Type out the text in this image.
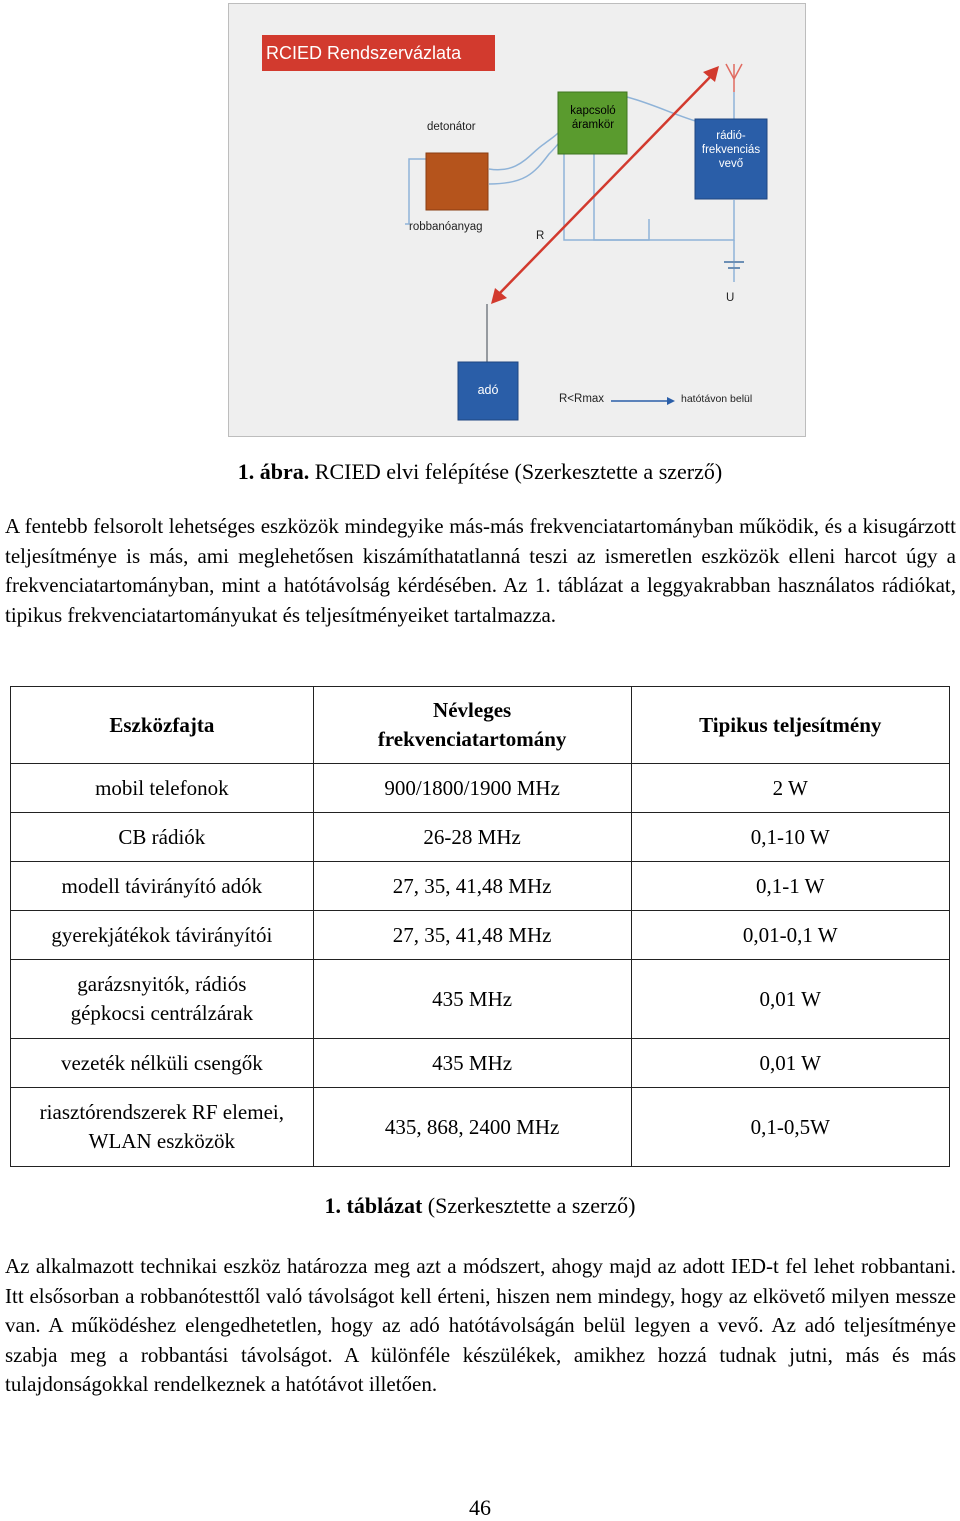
RCIED Rendszervázlata
detonátor
robbanóanyag
kapcsoló
áramkör
rádió-
frekvenciás
vevő
R
U
adó
R<Rmax	hatótávon belül
1. ábra. RCIED elvi felépítése (Szerkesztette a szerző)
A fentebb felsorolt lehetséges eszközök mindegyike más-más frekvenciatartományban működik, és a kisugárzott teljesítménye is más, ami meglehetősen kiszámíthatatlanná teszi az ismeretlen eszközök elleni harcot úgy a frekvenciatartományban, mint a hatótávolság kérdésében. Az 1. táblázat a leggyakrabban használatos rádiókat, tipikus frekvenciatartományukat és teljesítményeiket tartalmazza.
Eszközfajta	Névleges frekvenciatartomány	Tipikus teljesítmény
mobil telefonok	900/1800/1900 MHz	2 W
CB rádiók	26-28 MHz	0,1-10 W
modell távirányító adók	27, 35, 41,48 MHz	0,1-1 W
gyerekjátékok távirányítói	27, 35, 41,48 MHz	0,01-0,1 W
garázsnyitók, rádiós gépkocsi centrálzárak	435 MHz	0,01 W
vezeték nélküli csengők	435 MHz	0,01 W
riasztórendszerek RF elemei, WLAN eszközök	435, 868, 2400 MHz	0,1-0,5W
1. táblázat (Szerkesztette a szerző)
Az alkalmazott technikai eszköz határozza meg azt a módszert, ahogy majd az adott IED-t fel lehet robbantani. Itt elsősorban a robbanótesttől való távolságot kell érteni, hiszen nem mindegy, hogy az elkövető milyen messze van. A működéshez elengedhetetlen, hogy az adó hatótávolságán belül legyen a vevő. Az adó teljesítménye szabja meg a robbantási távolságot. A különféle készülékek, amikhez hozzá tudnak jutni, más és más tulajdonságokkal rendelkeznek a hatótávot illetően.
46
